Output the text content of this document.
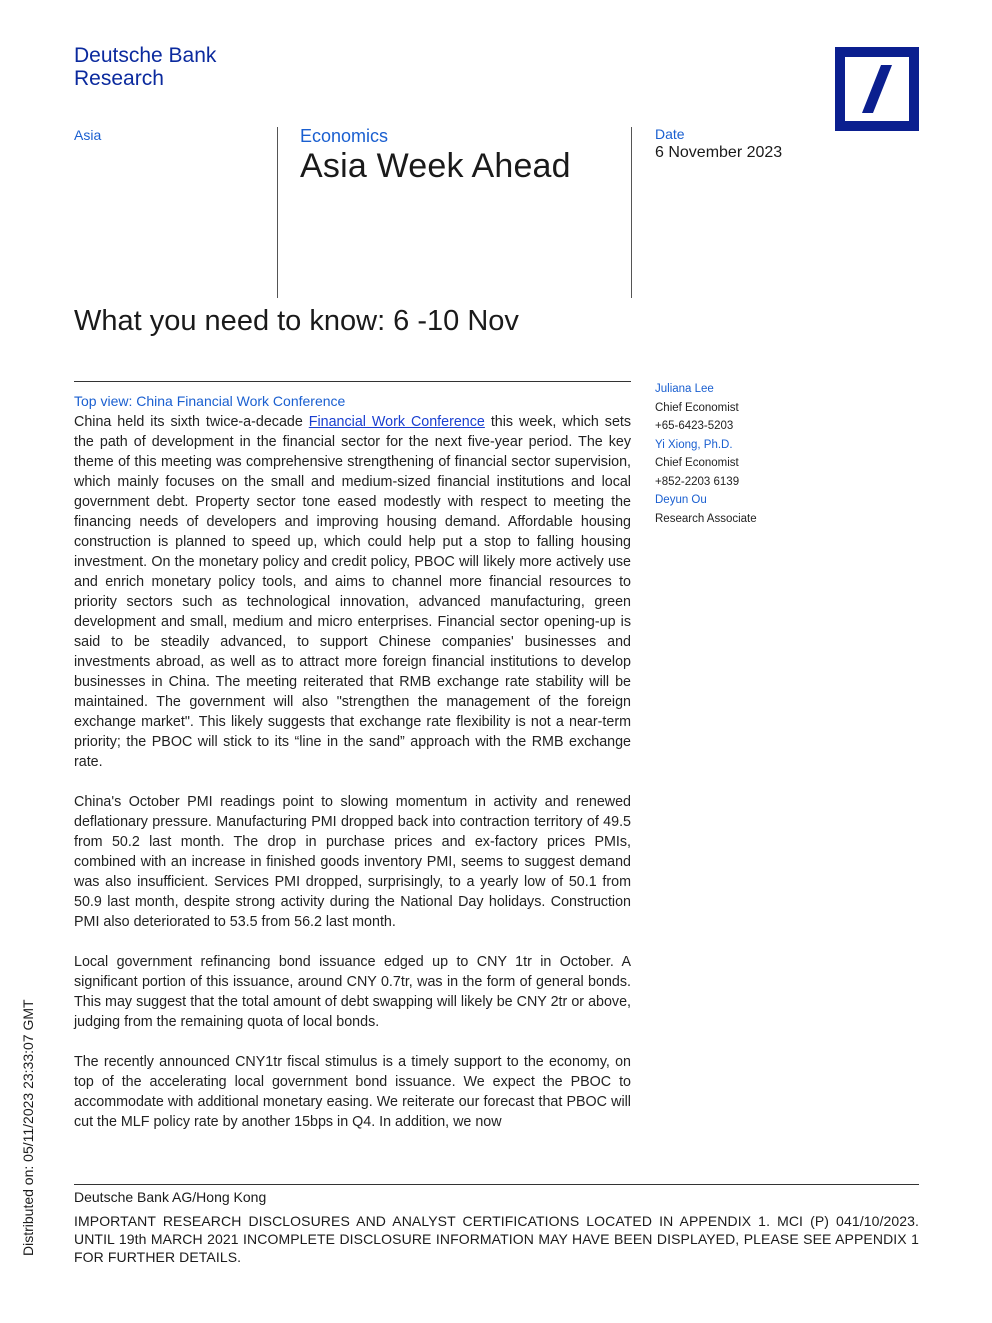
Deutsche Bank
Research
Asia	Economics
Asia Week Ahead
Date
6 November 2023
What you need to know: 6 -10 Nov
Top view: China Financial Work Conference
China held its sixth twice-a-decade Financial Work Conference this week, which sets the path of development in the financial sector for the next five-year period. The key theme of this meeting was comprehensive strengthening of financial sector supervision, which mainly focuses on the small and medium-sized financial institutions and local government debt. Property sector tone eased modestly with respect to meeting the financing needs of developers and improving housing demand. Affordable housing construction is planned to speed up, which could help put a stop to falling housing investment. On the monetary policy and credit policy, PBOC will likely more actively use and enrich monetary policy tools, and aims to channel more financial resources to priority sectors such as technological innovation, advanced manufacturing, green development and small, medium and micro enterprises. Financial sector opening-up is said to be steadily advanced, to support Chinese companies' businesses and investments abroad, as well as to attract more foreign financial institutions to develop businesses in China. The meeting reiterated that RMB exchange rate stability will be maintained. The government will also "strengthen the management of the foreign exchange market". This likely suggests that exchange rate flexibility is not a near-term priority; the PBOC will stick to its “line in the sand” approach with the RMB exchange rate.
China's October PMI readings point to slowing momentum in activity and renewed deflationary pressure. Manufacturing PMI dropped back into contraction territory of 49.5 from 50.2 last month. The drop in purchase prices and ex-factory prices PMIs, combined with an increase in finished goods inventory PMI, seems to suggest demand was also insufficient. Services PMI dropped, surprisingly, to a yearly low of 50.1 from 50.9 last month, despite strong activity during the National Day holidays. Construction PMI also deteriorated to 53.5 from 56.2 last month.
Local government refinancing bond issuance edged up to CNY 1tr in October. A significant portion of this issuance, around CNY 0.7tr, was in the form of general bonds. This may suggest that the total amount of debt swapping will likely be CNY 2tr or above, judging from the remaining quota of local bonds.
The recently announced CNY1tr fiscal stimulus is a timely support to the economy, on top of the accelerating local government bond issuance. We expect the PBOC to accommodate with additional monetary easing. We reiterate our forecast that PBOC will cut the MLF policy rate by another 15bps in Q4. In addition, we now
Juliana Lee
Chief Economist
+65-6423-5203
Yi Xiong, Ph.D.
Chief Economist
+852-2203 6139
Deyun Ou
Research Associate
Deutsche Bank AG/Hong Kong
IMPORTANT RESEARCH DISCLOSURES AND ANALYST CERTIFICATIONS LOCATED IN APPENDIX 1. MCI (P) 041/10/2023. UNTIL 19th MARCH 2021 INCOMPLETE DISCLOSURE INFORMATION MAY HAVE BEEN DISPLAYED, PLEASE SEE APPENDIX 1 FOR FURTHER DETAILS.
Distributed on: 05/11/2023 23:33:07 GMT
